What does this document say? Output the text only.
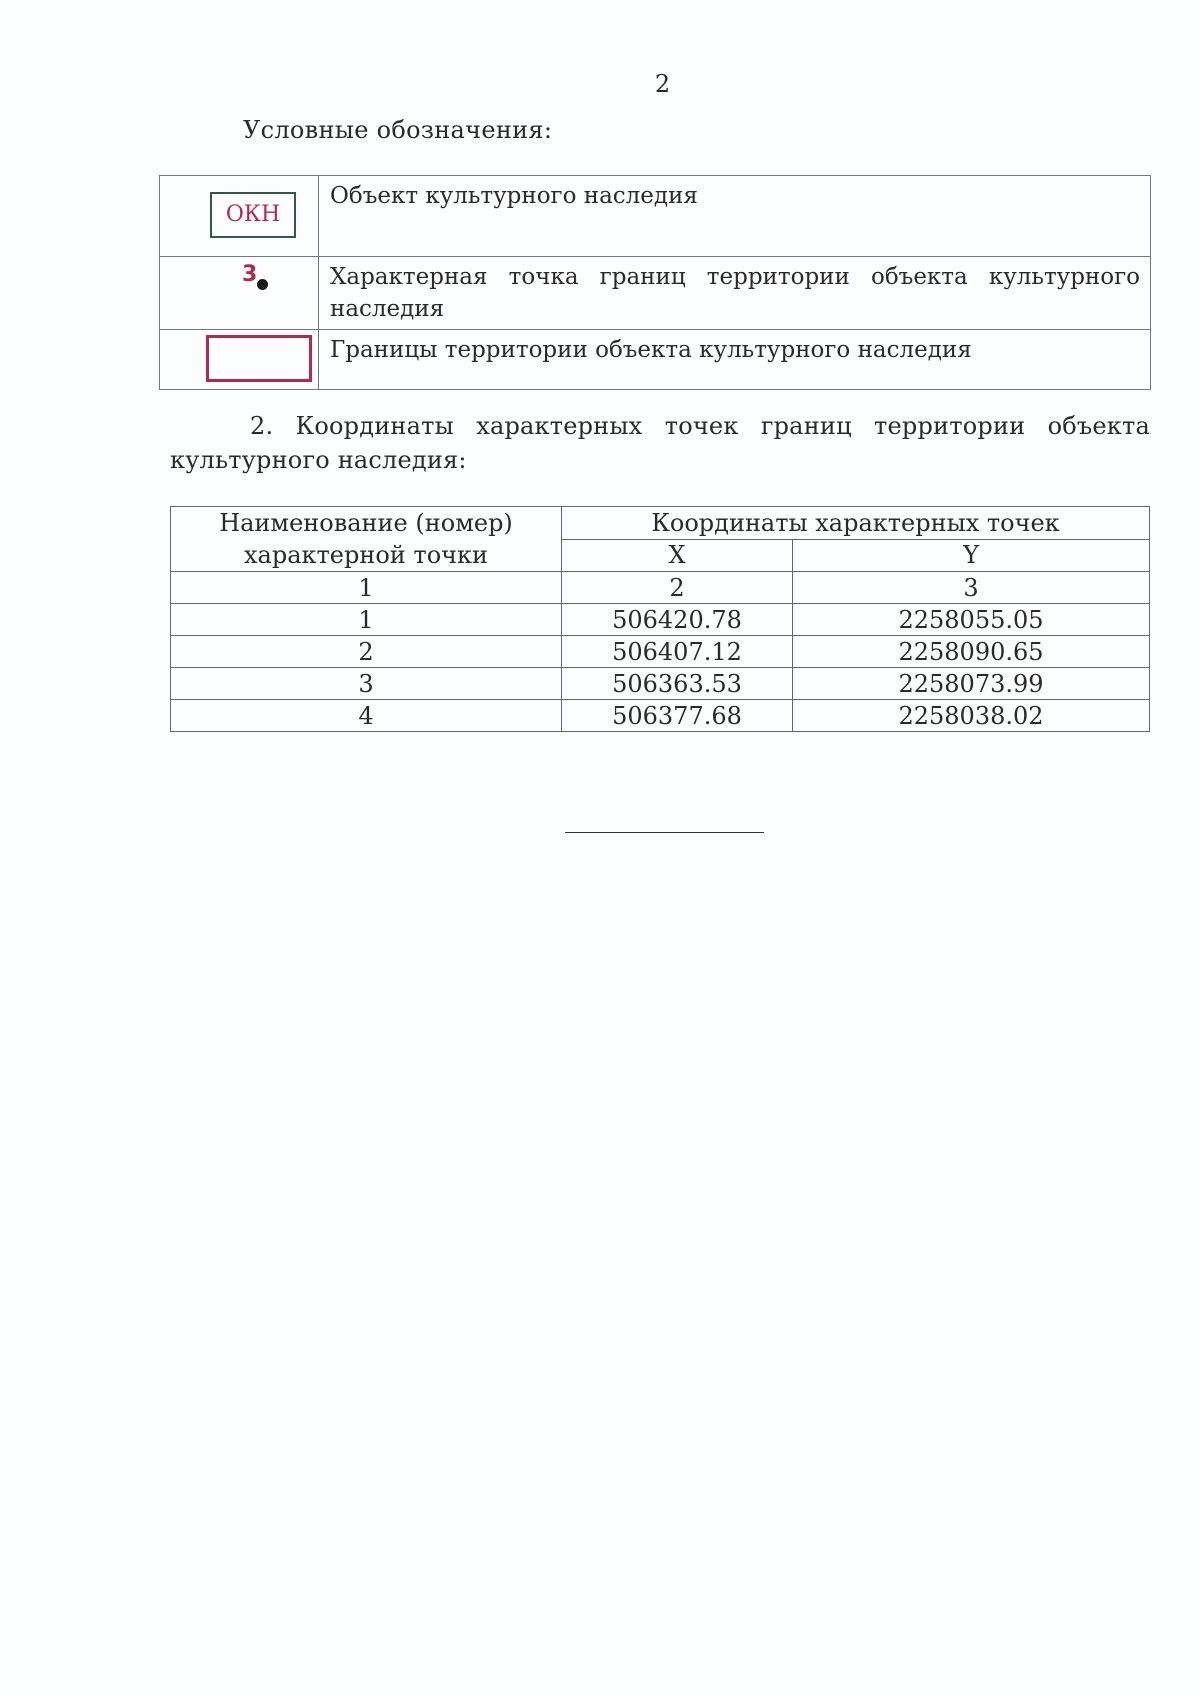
2
Условные обозначения:
ОКН	Объект культурного наследия

3	Характерная точка границ территории объекта культурного
наследия

	Границы территории объекта культурного наследия
2. Координаты характерных точек границ территории объекта культурного наследия:
Наименование (номер)
характерной точки	Координаты характерных точек	
	X	Y
1	2	3
1	506420.78	2258055.05
2	506407.12	2258090.65
3	506363.53	2258073.99
4	506377.68	2258038.02
